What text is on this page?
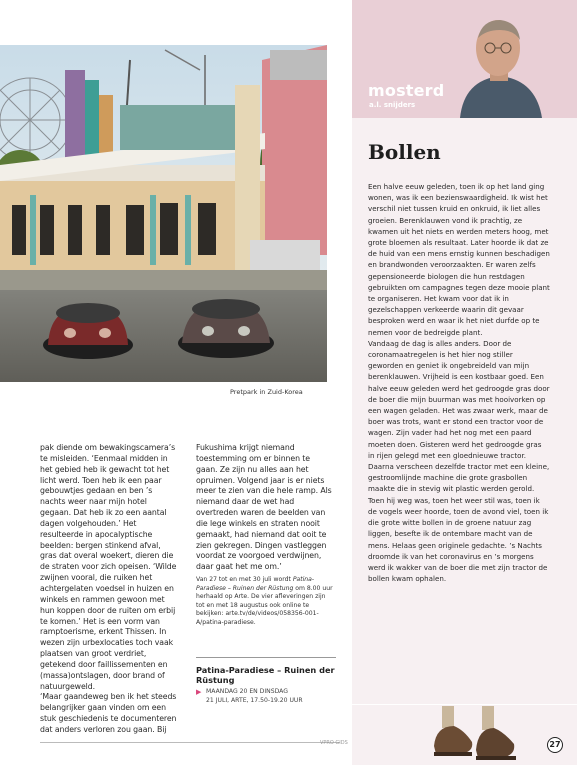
Pretpark in Zuid-Korea

pak diende om bewakingscamera’s te misleiden. ‘Eenmaal midden in het gebied heb ik gewacht tot het licht werd. Toen heb ik een paar gebouwtjes gedaan en ben ’s nachts weer naar mijn hotel gegaan. Dat heb ik zo een aantal dagen volgehouden.’ Het resulteerde in apocalyptische beelden: bergen stinkend afval, gras dat overal woekert, dieren die de straten voor zich opeisen. ‘Wilde zwijnen vooral, die ruiken het achtergelaten voedsel in huizen en winkels en rammen gewoon met hun koppen door de ruiten om erbij te komen.’ Het is een vorm van ramptoerisme, erkent Thissen. In wezen zijn urbexlocaties toch vaak plaatsen van groot verdriet, getekend door faillissementen en (massa)ontslagen, door brand of natuurgeweld.

‘Maar gaandeweg ben ik het steeds belangrijker gaan vinden om een stuk geschiedenis te documenteren dat anders verloren zou gaan. Bij

Fukushima krijgt niemand toestemming om er binnen te gaan. Ze zijn nu alles aan het opruimen. Volgend jaar is er niets meer te zien van die hele ramp. Als niemand daar de wet had overtreden waren de beelden van die lege winkels en straten nooit gemaakt, had niemand dat ooit te zien gekregen. Dingen vastleggen voordat ze voorgoed verdwijnen, daar gaat het me om.’

Van 27 tot en met 30 juli wordt Patina-Paradiese – Ruinen der Rüstung om 8.00 uur herhaald op Arte. De vier afleveringen zijn tot en met 18 augustus ook online te bekijken: arte.tv/de/videos/058356-001-A/patina-paradiese.
Patina-Paradiese – Ruinen der Rüstung
▶ MAANDAG 20 EN DINSDAG
21 JULI, ARTE, 17.50-19.20 UUR
mosterd
a.l. snijders
Bollen

Een halve eeuw geleden, toen ik op het land ging wonen, was ik een bezienswaardigheid. Ik wist het verschil niet tussen kruid en onkruid, ik liet alles groeien. Berenklauwen vond ik prachtig, ze kwamen uit het niets en werden meters hoog, met grote bloemen als resultaat. Later hoorde ik dat ze de huid van een mens ernstig kunnen beschadigen en brandwonden veroorzaakten. Er waren zelfs gepensioneerde biologen die hun restdagen gebruikten om campagnes tegen deze mooie plant te organiseren. Het kwam voor dat ik in gezelschappen verkeerde waarin dit gevaar besproken werd en waar ik het niet durfde op te nemen voor de bedreigde plant.

Vandaag de dag is alles anders. Door de coronamaatregelen is het hier nog stiller geworden en geniet ik ongebreideld van mijn berenklauwen. Vrijheid is een kostbaar goed. Een halve eeuw geleden werd het gedroogde gras door de boer die mijn buurman was met hooivorken op een wagen geladen. Het was zwaar werk, maar de boer was trots, want er stond een tractor voor de wagen. Zijn vader had het nog met een paard moeten doen. Gisteren werd het gedroogde gras in rijen gelegd met een gloednieuwe tractor. Daarna verscheen dezelfde tractor met een kleine, gestroomlijnde machine die grote grasbollen maakte die in stevig wit plastic werden gerold.

Toen hij weg was, toen het weer stil was, toen ik de vogels weer hoorde, toen de avond viel, toen ik die grote witte bollen in de groene natuur zag liggen, besefte ik de ontembare macht van de mens. Helaas geen originele gedachte. ’s Nachts droomde ik van het coronavirus en ’s morgens werd ik wakker van de boer die met zijn tractor de bollen kwam ophalen.

VPRO GIDS	27
